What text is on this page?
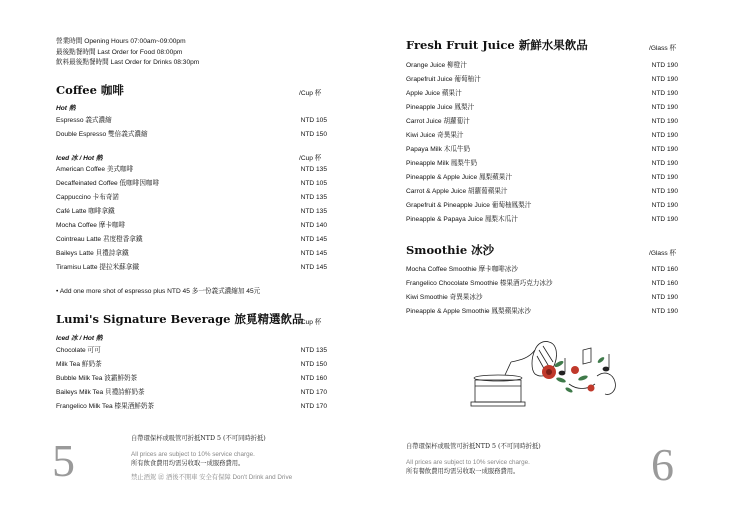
營業時間 Opening Hours 07:00am~09:00pm
最後點餐時間 Last Order for Food 08:00pm
飲料最後點餐時間 Last Order for Drinks 08:30pm
Coffee 咖啡	/Cup 杯
Hot 熱
Espresso 義式濃縮	NTD 105
Double Espresso 雙倍義式濃縮	NTD 150
Iced 冰 / Hot 熱	/Cup 杯
American Coffee 美式咖啡	NTD 135
Decaffeinated Coffee 低咖啡因咖啡	NTD 105
Cappuccino 卡布奇諾	NTD 135
Café Latte 咖啡拿鐵	NTD 135
Mocha Coffee 摩卡咖啡	NTD 140
Cointreau Latte 君度橙香拿鐵	NTD 145
Baileys Latte 貝禮詩拿鐵	NTD 145
Tiramisu Latte 提拉米蘇拿鐵	NTD 145
• Add one more shot of espresso plus NTD 45 多一份義式濃縮加 45元
Lumi's Signature Beverage 旅覓精選飲品
/Cup 杯
Iced 冰 / Hot 熱
Chocolate 可可	NTD 135
Milk Tea 鮮奶茶	NTD 150
Bubble Milk Tea 波霸鮮奶茶	NTD 160
Baileys Milk Tea 貝禮詩鮮奶茶	NTD 170
Frangelico Milk Tea 榛果酒鮮奶茶	NTD 170
5	自帶環保杯或吸管可折抵NTD 5 (不可同時折抵)
All prices are subject to 10% service charge.
所有飲食費用均需另收取一成服務費用。
禁止酒駕 ㊣ 酒後不開車 安全有保障 Don't Drink and Drive
Fresh Fruit Juice 新鮮水果飲品	/Glass 杯
Orange Juice 柳橙汁	NTD 190
Grapefruit Juice 葡萄柚汁	NTD 190
Apple Juice 蘋果汁	NTD 190
Pineapple Juice 鳳梨汁	NTD 190
Carrot Juice 胡蘿蔔汁	NTD 190
Kiwi Juice 奇異果汁	NTD 190
Papaya Milk 木瓜牛奶	NTD 190
Pineapple Milk 鳳梨牛奶	NTD 190
Pineapple & Apple Juice 鳳梨蘋果汁	NTD 190
Carrot & Apple Juice 胡蘿蔔蘋果汁	NTD 190
Grapefruit & Pineapple Juice 葡萄柚鳳梨汁	NTD 190
Pineapple & Papaya Juice 鳳梨木瓜汁	NTD 190
Smoothie 冰沙	/Glass 杯
Mocha Coffee Smoothie 摩卡咖啡冰沙	NTD 160
Frangelico Chocolate Smoothie 榛果酒巧克力冰沙	NTD 160
Kiwi Smoothie 奇異果冰沙	NTD 190
Pineapple & Apple Smoothie 鳳梨蘋果冰沙	NTD 190
自帶環保杯或吸管可折抵NTD 5 (不可同時折抵)
All prices are subject to 10% service charge.
所有餐飲費用均需另收取一成服務費用。	6
